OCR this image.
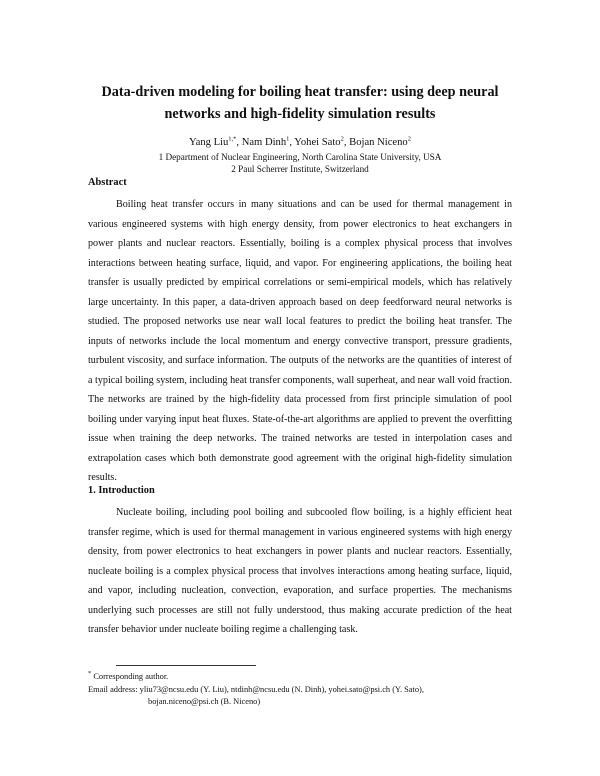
Data-driven modeling for boiling heat transfer: using deep neural networks and high-fidelity simulation results
Yang Liu$^{1,*}$, Nam Dinh$^1$, Yohei Sato$^2$, Bojan Niceno$^2$
1 Department of Nuclear Engineering, North Carolina State University, USA
2 Paul Scherrer Institute, Switzerland
Abstract

Boiling heat transfer occurs in many situations and can be used for thermal management in various engineered systems with high energy density, from power electronics to heat exchangers in power plants and nuclear reactors. Essentially, boiling is a complex physical process that involves interactions between heating surface, liquid, and vapor. For engineering applications, the boiling heat transfer is usually predicted by empirical correlations or semi-empirical models, which has relatively large uncertainty. In this paper, a data-driven approach based on deep feedforward neural networks is studied. The proposed networks use near wall local features to predict the boiling heat transfer. The inputs of networks include the local momentum and energy convective transport, pressure gradients, turbulent viscosity, and surface information. The outputs of the networks are the quantities of interest of a typical boiling system, including heat transfer components, wall superheat, and near wall void fraction. The networks are trained by the high-fidelity data processed from first principle simulation of pool boiling under varying input heat fluxes. State-of-the-art algorithms are applied to prevent the overfitting issue when training the deep networks. The trained networks are tested in interpolation cases and extrapolation cases which both demonstrate good agreement with the original high-fidelity simulation results.

1. Introduction

Nucleate boiling, including pool boiling and subcooled flow boiling, is a highly efficient heat transfer regime, which is used for thermal management in various engineered systems with high energy density, from power electronics to heat exchangers in power plants and nuclear reactors. Essentially, nucleate boiling is a complex physical process that involves interactions among heating surface, liquid, and vapor, including nucleation, convection, evaporation, and surface properties. The mechanisms underlying such processes are still not fully understood, thus making accurate prediction of the heat transfer behavior under nucleate boiling regime a challenging task.

* Corresponding author.
Email address: yliu73@ncsu.edu (Y. Liu), ntdinh@ncsu.edu (N. Dinh), yohei.sato@psi.ch (Y. Sato),
bojan.niceno@psi.ch (B. Niceno)
